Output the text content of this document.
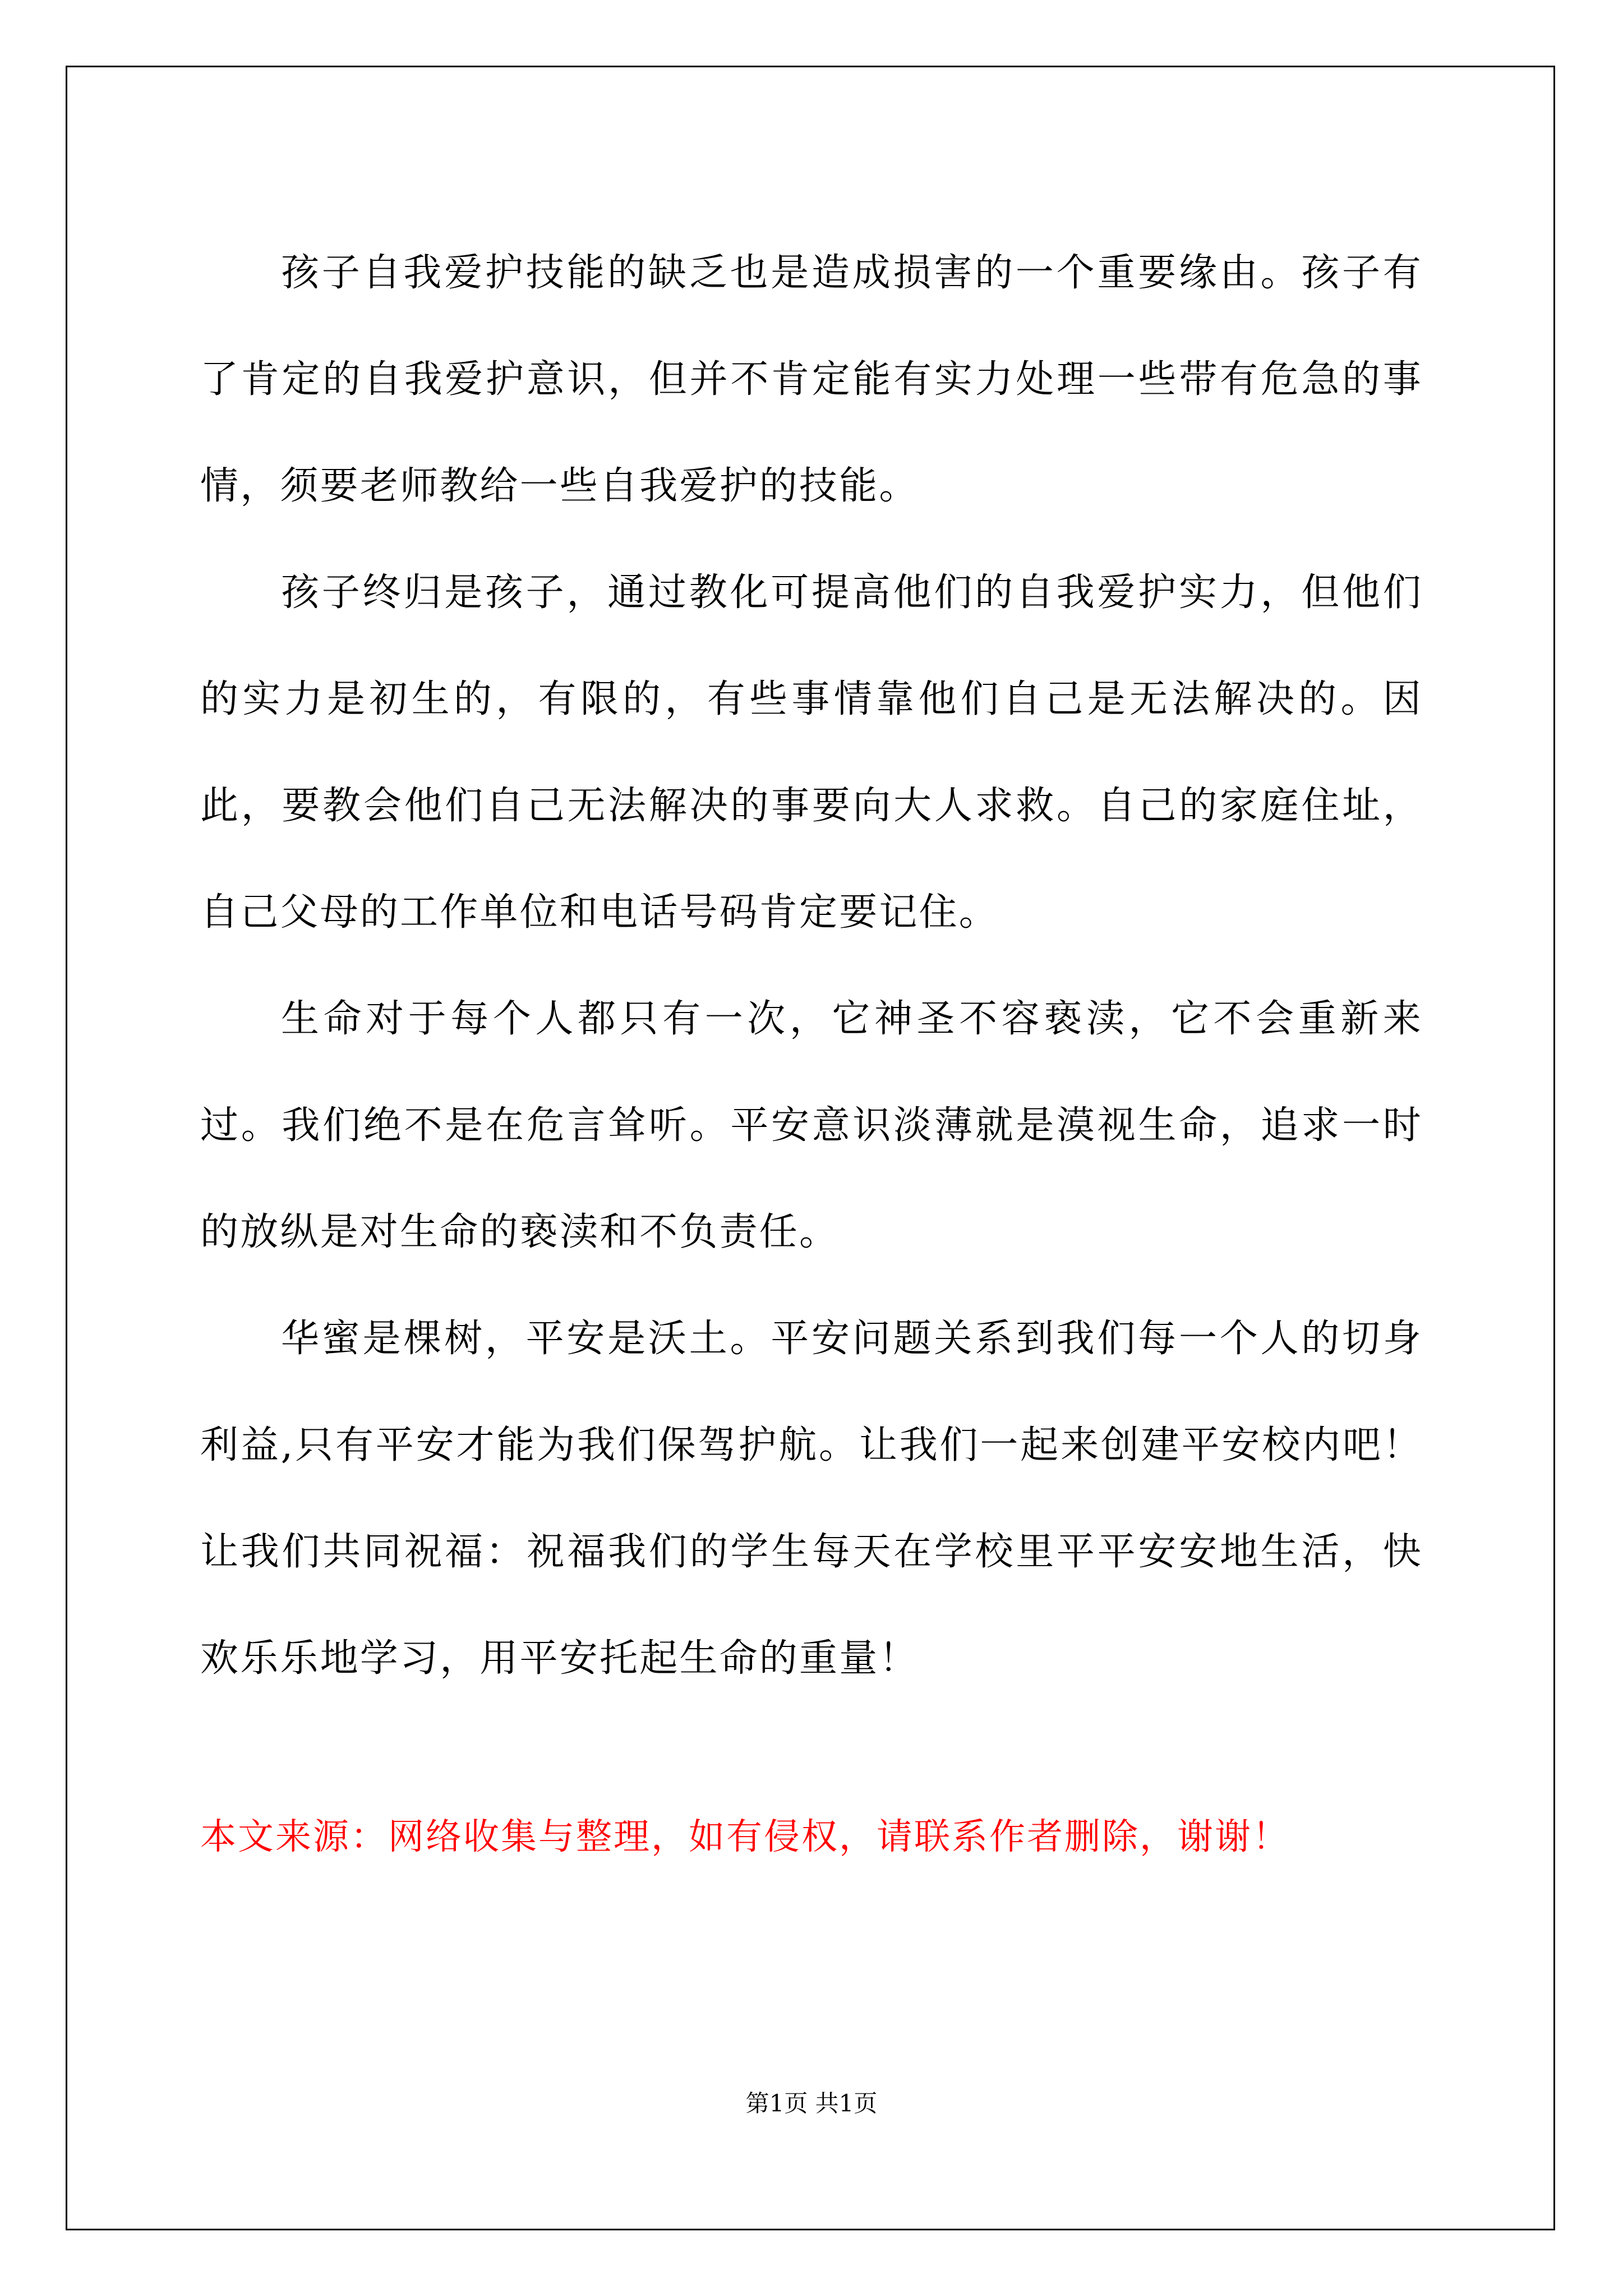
孩子自我爱护技能的缺乏也是造成损害的一个重要缘由。孩子有了肯定的自我爱护意识，但并不肯定能有实力处理一些带有危急的事情，须要老师教给一些自我爱护的技能。

孩子终归是孩子，通过教化可提高他们的自我爱护实力，但他们的实力是初生的，有限的，有些事情靠他们自己是无法解决的。因此，要教会他们自己无法解决的事要向大人求救。自己的家庭住址，自己父母的工作单位和电话号码肯定要记住。

生命对于每个人都只有一次，它神圣不容亵渎，它不会重新来过。我们绝不是在危言耸听。平安意识淡薄就是漠视生命，追求一时的放纵是对生命的亵渎和不负责任。

华蜜是棵树，平安是沃土。平安问题关系到我们每一个人的切身利益,只有平安才能为我们保驾护航。让我们一起来创建平安校内吧！让我们共同祝福：祝福我们的学生每天在学校里平平安安地生活，快欢乐乐地学习，用平安托起生命的重量！

本文来源：网络收集与整理，如有侵权，请联系作者删除，谢谢！

第1页 共1页
